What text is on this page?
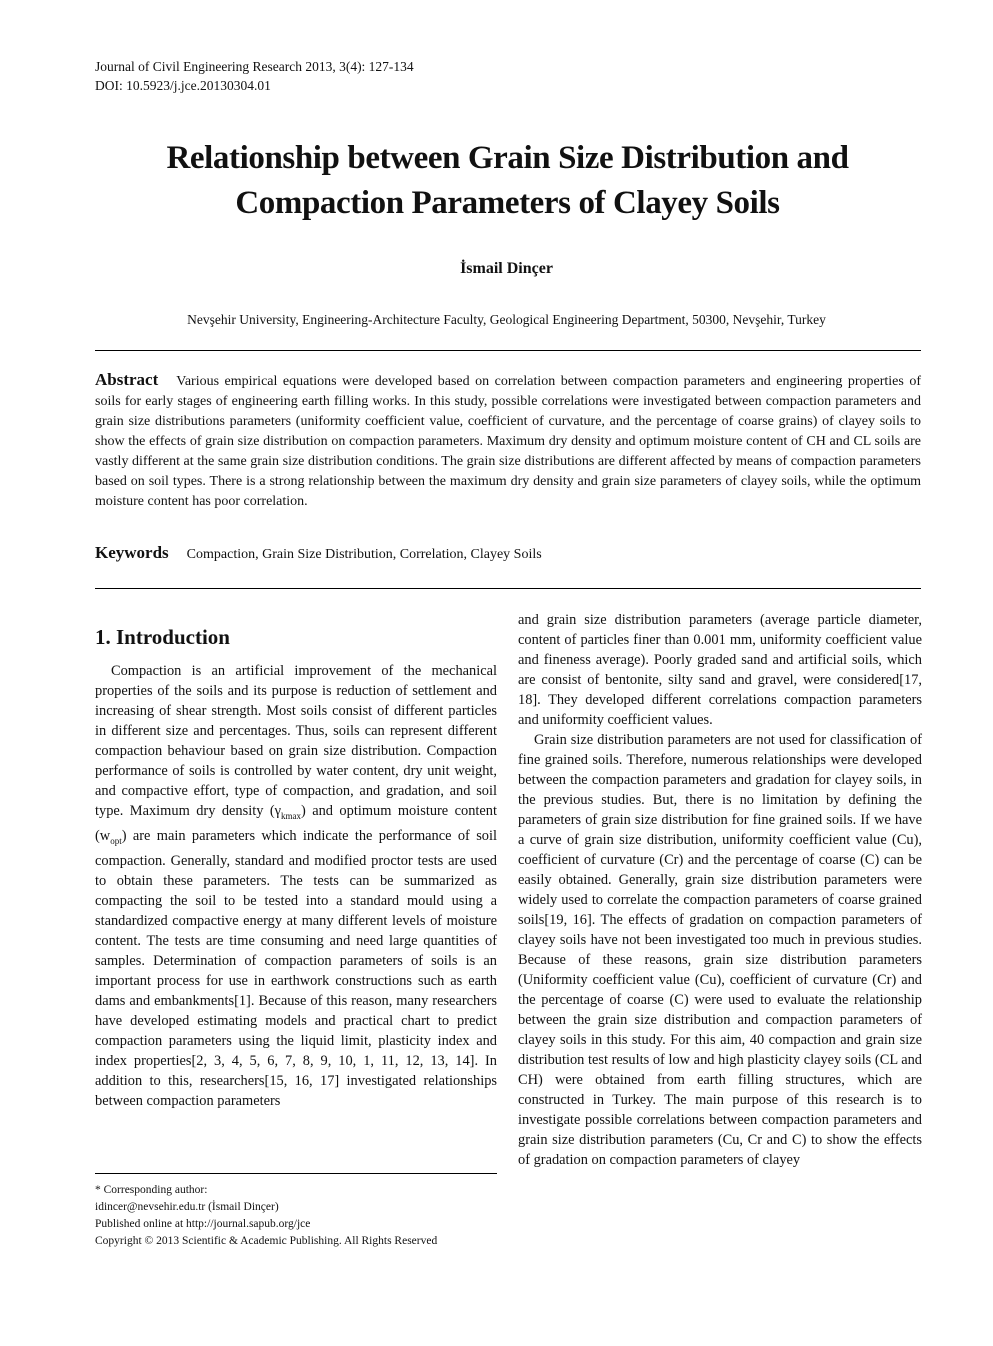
Journal of Civil Engineering Research 2013, 3(4): 127-134
DOI: 10.5923/j.jce.20130304.01
Relationship between Grain Size Distribution and
Compaction Parameters of Clayey Soils
İsmail Dinçer
Nevşehir University, Engineering-Architecture Faculty, Geological Engineering Department, 50300, Nevşehir, Turkey
Abstract Various empirical equations were developed based on correlation between compaction parameters and engineering properties of soils for early stages of engineering earth filling works. In this study, possible correlations were investigated between compaction parameters and grain size distributions parameters (uniformity coefficient value, coefficient of curvature, and the percentage of coarse grains) of clayey soils to show the effects of grain size distribution on compaction parameters. Maximum dry density and optimum moisture content of CH and CL soils are vastly different at the same grain size distribution conditions. The grain size distributions are different affected by means of compaction parameters based on soil types. There is a strong relationship between the maximum dry density and grain size parameters of clayey soils, while the optimum moisture content has poor correlation.
Keywords Compaction, Grain Size Distribution, Correlation, Clayey Soils
1. Introduction

Compaction is an artificial improvement of the mechanical properties of the soils and its purpose is reduction of settlement and increasing of shear strength. Most soils consist of different particles in different size and percentages. Thus, soils can represent different compaction behaviour based on grain size distribution. Compaction performance of soils is controlled by water content, dry unit weight, and compactive effort, type of compaction, and gradation, and soil type. Maximum dry density $(\gamma_{kmax})$ and optimum moisture content $(w_{opt})$ are main parameters which indicate the performance of soil compaction. Generally, standard and modified proctor tests are used to obtain these parameters. The tests can be summarized as compacting the soil to be tested into a standard mould using a standardized compactive energy at many different levels of moisture content. The tests are time consuming and need large quantities of samples. Determination of compaction parameters of soils is an important process for use in earthwork constructions such as earth dams and embankments[1]. Because of this reason, many researchers have developed estimating models and practical chart to predict compaction parameters using the liquid limit, plasticity index and index properties[2, 3, 4, 5, 6, 7, 8, 9, 10, 1, 11, 12, 13, 14]. In addition to this, researchers[15, 16, 17] investigated relationships between compaction parameters

and grain size distribution parameters (average particle diameter, content of particles finer than 0.001 mm, uniformity coefficient value and fineness average). Poorly graded sand and artificial soils, which are consist of bentonite, silty sand and gravel, were considered[17, 18]. They developed different correlations compaction parameters and uniformity coefficient values.

Grain size distribution parameters are not used for classification of fine grained soils. Therefore, numerous relationships were developed between the compaction parameters and gradation for clayey soils, in the previous studies. But, there is no limitation by defining the parameters of grain size distribution for fine grained soils. If we have a curve of grain size distribution, uniformity coefficient value (Cu), coefficient of curvature (Cr) and the percentage of coarse (C) can be easily obtained. Generally, grain size distribution parameters were widely used to correlate the compaction parameters of coarse grained soils[19, 16]. The effects of gradation on compaction parameters of clayey soils have not been investigated too much in previous studies. Because of these reasons, grain size distribution parameters (Uniformity coefficient value (Cu), coefficient of curvature (Cr) and the percentage of coarse (C) were used to evaluate the relationship between the grain size distribution and compaction parameters of clayey soils in this study. For this aim, 40 compaction and grain size distribution test results of low and high plasticity clayey soils (CL and CH) were obtained from earth filling structures, which are constructed in Turkey. The main purpose of this research is to investigate possible correlations between compaction parameters and grain size distribution parameters (Cu, Cr and C) to show the effects of gradation on compaction parameters of clayey

* Corresponding author:
idincer@nevsehir.edu.tr (İsmail Dinçer)
Published online at http://journal.sapub.org/jce
Copyright © 2013 Scientific & Academic Publishing. All Rights Reserved
